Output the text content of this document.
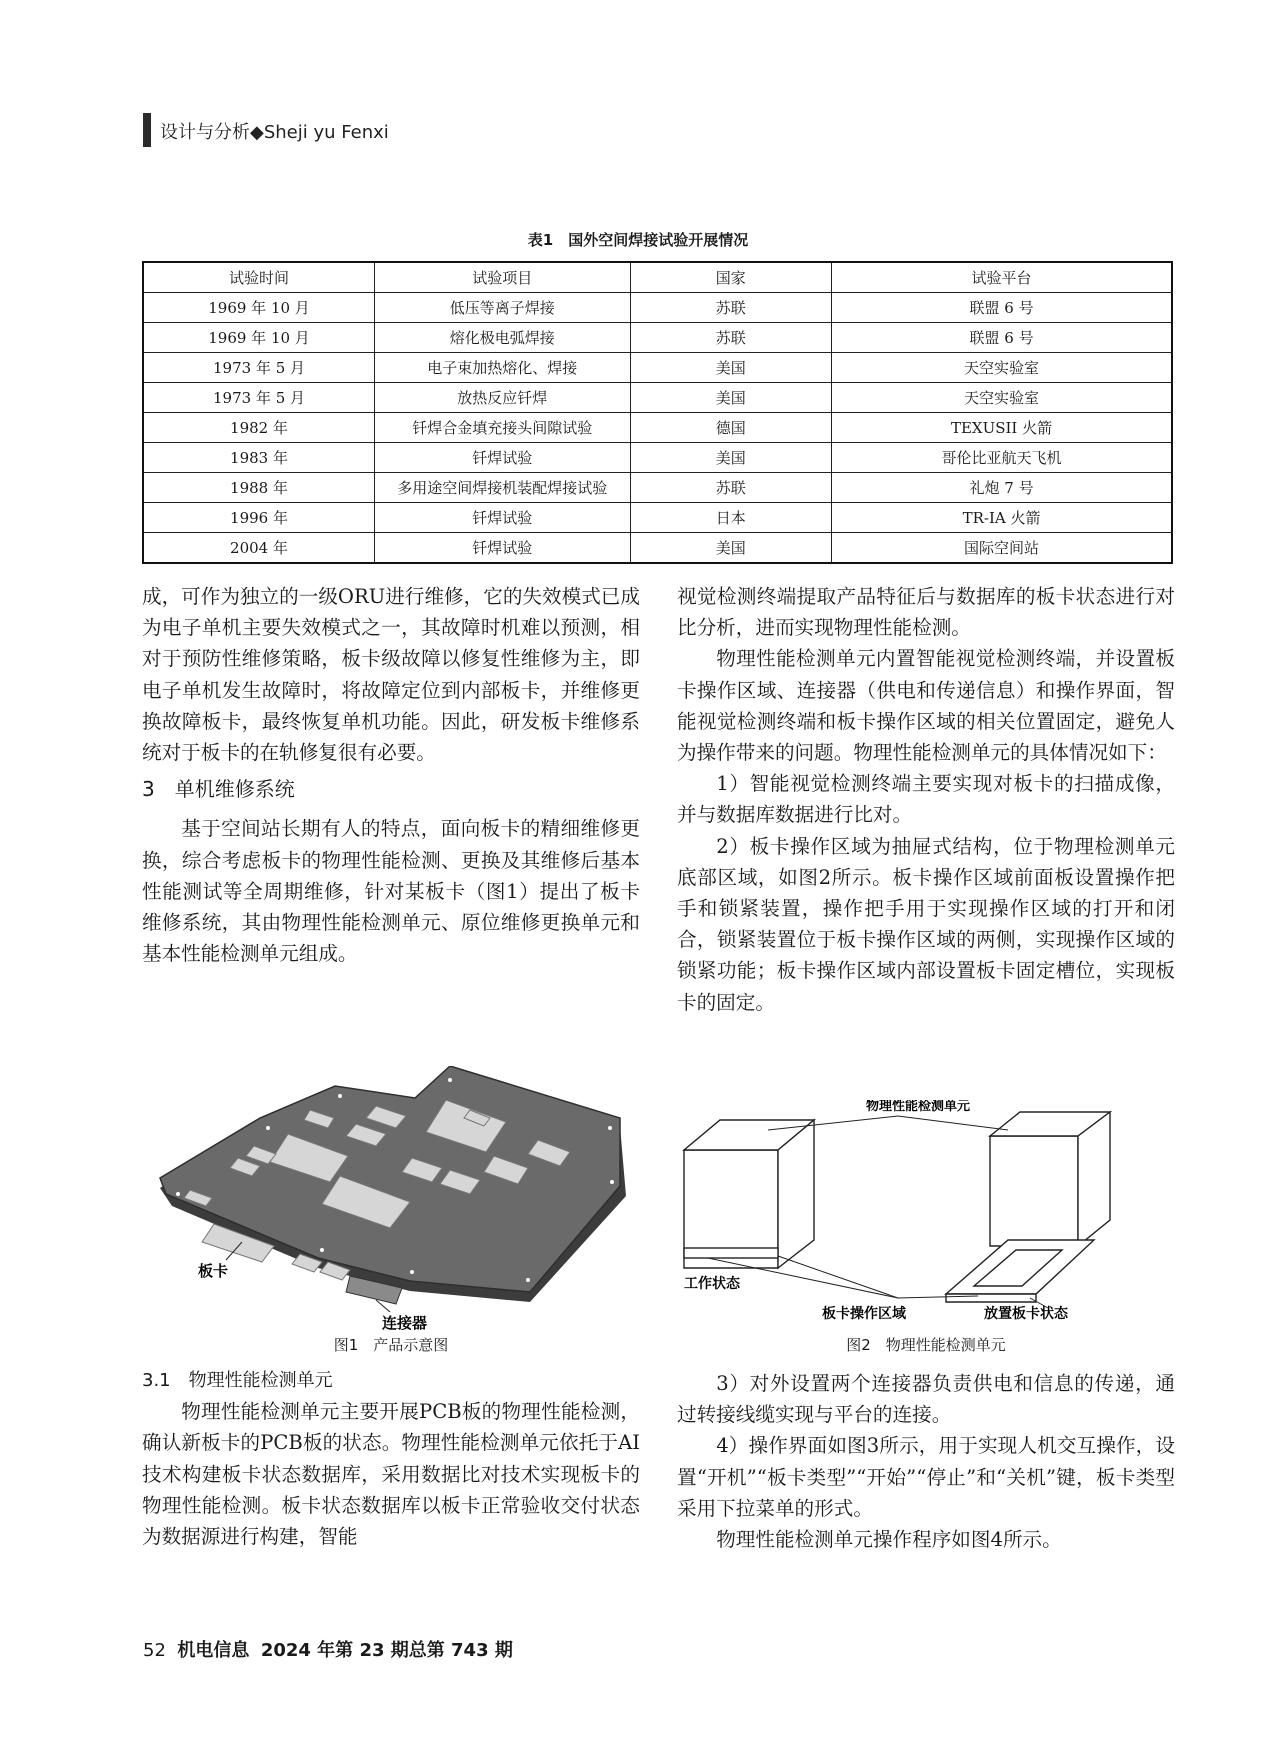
设计与分析◆Sheji yu Fenxi
表1　国外空间焊接试验开展情况
试验时间	试验项目	国家	试验平台
1969 年 10 月	低压等离子焊接	苏联	联盟 6 号
1969 年 10 月	熔化极电弧焊接	苏联	联盟 6 号
1973 年 5 月	电子束加热熔化、焊接	美国	天空实验室
1973 年 5 月	放热反应钎焊	美国	天空实验室
1982 年	钎焊合金填充接头间隙试验	德国	TEXUSII 火箭
1983 年	钎焊试验	美国	哥伦比亚航天飞机
1988 年	多用途空间焊接机装配焊接试验	苏联	礼炮 7 号
1996 年	钎焊试验	日本	TR-IA 火箭
2004 年	钎焊试验	美国	国际空间站

成，可作为独立的一级ORU进行维修，它的失效模式已成为电子单机主要失效模式之一，其故障时机难以预测，相对于预防性维修策略，板卡级故障以修复性维修为主，即电子单机发生故障时，将故障定位到内部板卡，并维修更换故障板卡，最终恢复单机功能。因此，研发板卡维修系统对于板卡的在轨修复很有必要。

3　单机维修系统

基于空间站长期有人的特点，面向板卡的精细维修更换，综合考虑板卡的物理性能检测、更换及其维修后基本性能测试等全周期维修，针对某板卡（图1）提出了板卡维修系统，其由物理性能检测单元、原位维修更换单元和基本性能检测单元组成。

板卡
连接器
图1　产品示意图

3.1　物理性能检测单元

物理性能检测单元主要开展PCB板的物理性能检测，确认新板卡的PCB板的状态。物理性能检测单元依托于AI技术构建板卡状态数据库，采用数据比对技术实现板卡的物理性能检测。板卡状态数据库以板卡正常验收交付状态为数据源进行构建，智能

视觉检测终端提取产品特征后与数据库的板卡状态进行对比分析，进而实现物理性能检测。

物理性能检测单元内置智能视觉检测终端，并设置板卡操作区域、连接器（供电和传递信息）和操作界面，智能视觉检测终端和板卡操作区域的相关位置固定，避免人为操作带来的问题。物理性能检测单元的具体情况如下：

1）智能视觉检测终端主要实现对板卡的扫描成像，并与数据库数据进行比对。

2）板卡操作区域为抽屉式结构，位于物理检测单元底部区域，如图2所示。板卡操作区域前面板设置操作把手和锁紧装置，操作把手用于实现操作区域的打开和闭合，锁紧装置位于板卡操作区域的两侧，实现操作区域的锁紧功能；板卡操作区域内部设置板卡固定槽位，实现板卡的固定。

物理性能检测单元
工作状态
板卡操作区域	放置板卡状态
图2　物理性能检测单元

3）对外设置两个连接器负责供电和信息的传递，通过转接线缆实现与平台的连接。

4）操作界面如图3所示，用于实现人机交互操作，设置“开机”“板卡类型”“开始”“停止”和“关机”键，板卡类型采用下拉菜单的形式。

物理性能检测单元操作程序如图4所示。

52 机电信息 2024 年第 23 期总第 743 期
